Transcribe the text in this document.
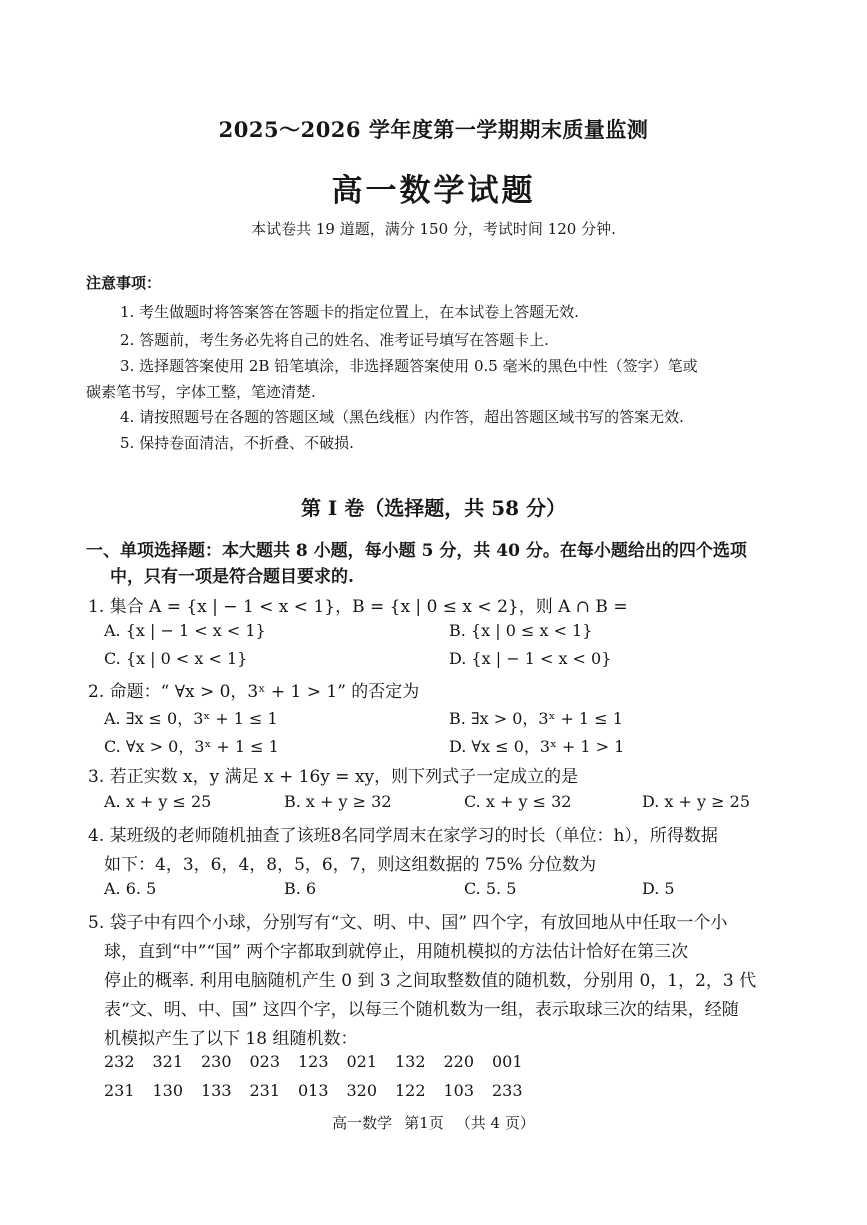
2025～2026 学年度第一学期期末质量监测
高一数学试题
本试卷共 19 道题，满分 150 分，考试时间 120 分钟.
注意事项：
1. 考生做题时将答案答在答题卡的指定位置上，在本试卷上答题无效.
2. 答题前，考生务必先将自己的姓名、准考证号填写在答题卡上.
3. 选择题答案使用 2B 铅笔填涂，非选择题答案使用 0.5 毫米的黑色中性（签字）笔或
碳素笔书写，字体工整，笔迹清楚.
4. 请按照题号在各题的答题区域（黑色线框）内作答，超出答题区域书写的答案无效.
5. 保持卷面清洁，不折叠、不破损.
第 Ⅰ 卷（选择题，共 58 分）
一、单项选择题：本大题共 8 小题，每小题 5 分，共 40 分。在每小题给出的四个选项
中，只有一项是符合题目要求的.
1. 集合 A = {x | − 1 < x < 1}，B = {x | 0 ≤ x < 2}，则 A ∩ B =
A. {x | − 1 < x < 1}	B. {x | 0 ≤ x < 1}
C. {x | 0 < x < 1}	D. {x | − 1 < x < 0}
2. 命题：“ ∀x > 0，3ˣ + 1 > 1” 的否定为
A. ∃x ≤ 0，3ˣ + 1 ≤ 1	B. ∃x > 0，3ˣ + 1 ≤ 1
C. ∀x > 0，3ˣ + 1 ≤ 1	D. ∀x ≤ 0，3ˣ + 1 > 1
3. 若正实数 x，y 满足 x + 16y = xy，则下列式子一定成立的是
A. x + y ≤ 25	B. x + y ≥ 32	C. x + y ≤ 32	D. x + y ≥ 25
4. 某班级的老师随机抽查了该班8名同学周末在家学习的时长（单位：h），所得数据
如下：4，3，6，4，8，5，6，7，则这组数据的 75% 分位数为
A. 6. 5	B. 6	C. 5. 5	D. 5
5. 袋子中有四个小球，分别写有“文、明、中、国” 四个字，有放回地从中任取一个小
球，直到“中”“国” 两个字都取到就停止，用随机模拟的方法估计恰好在第三次
停止的概率. 利用电脑随机产生 0 到 3 之间取整数值的随机数，分别用 0，1，2，3 代
表“文、明、中、国” 这四个字，以每三个随机数为一组，表示取球三次的结果，经随
机模拟产生了以下 18 组随机数：
232 321 230 023 123 021 132 220 001
231 130 133 231 013 320 122 103 233
高一数学 第1页 （共 4 页）
